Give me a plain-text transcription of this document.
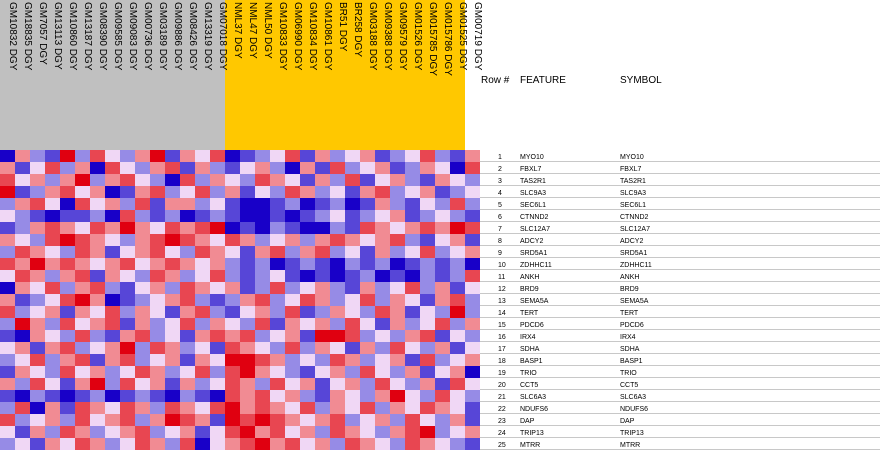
GM10832 DGY GM18835 DGY GM7057 DGY GM13113 DGY GM10860 DGY GM13187 DGY GM08390 DGY GM09585 DGY GM09083 DGY GM00736 DGY GM03189 DGY GM09886 DGY GM08426 DGY GM13319 DGY GM07018 DGY NML37 DGY NML47 DGY NML50 DGY GM10833 DGY GM06990 DGY GM10834 DGY GM10861 DGY BR51 DGY BR258 DGY GM03188 DGY GM09388 DGY GM09579 DGY GM01526 DGY GM015785 DGY GM015786 DGY GM01525 DGY GM00719 DGY
Row # FEATURE	SYMBOL
1	MYO10	MYO10
2	FBXL7	FBXL7
3	TAS2R1	TAS2R1
4	SLC9A3	SLC9A3
5	SEC6L1	SEC6L1
6	CTNND2	CTNND2
7	SLC12A7	SLC12A7
8	ADCY2	ADCY2
9	SRD5A1	SRD5A1
10 ZDHHC11	ZDHHC11
11 ANKH	ANKH
12 BRD9	BRD9
13 SEMA5A	SEMA5A
14 TERT	TERT
15 PDCD6	PDCD6
16 IRX4	IRX4
17 SDHA	SDHA
18 BASP1	BASP1
19 TRIO	TRIO
20 CCT5	CCT5
21 SLC6A3	SLC6A3
22 NDUFS6	NDUFS6
23 DAP	DAP
24 TRIP13	TRIP13
25 MTRR	MTRR
